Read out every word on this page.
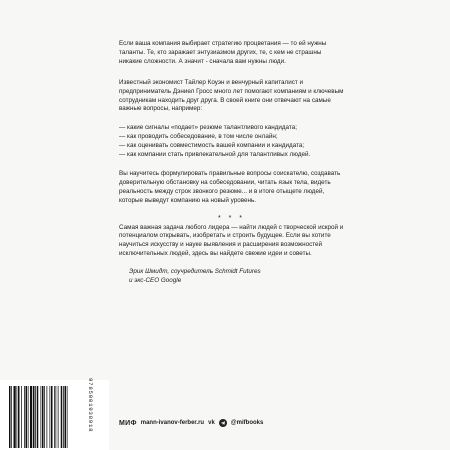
Если ваша компания выбирает стратегию процветания — то ей нужны таланты. Те, кто заражает энтузиазмом других, те, с кем не страшны никакие сложности. А значит - сначала вам нужны люди.

Известный экономист Тайлер Коуэн и венчурный капиталист и предприниматель Дэниел Гросс много лет помогают компаниям и ключевым сотрудникам находить друг друга. В своей книге они отвечают на самые важные вопросы, например:

— какие сигналы «подает» резюме талантливого кандидата;
— как проводить собеседование, в том числе онлайн;
— как оценивать совместимость вашей компании и кандидата;
— как компании стать привлекательной для талантливых людей.

Вы научитесь формулировать правильные вопросы соискателю, создавать доверительную обстановку на собеседовании, читать язык тела, видеть реальность между строк звонкого резюме... и в итоге отыщете людей, которые выведут компанию на новый уровень.

* * *

Самая важная задача любого лидера — найти людей с творческой искрой и потенциалом открывать, изобретать и строить будущее. Если вы хотите научиться искусству и науке выявления и расширения возможностей исключительных людей, здесь вы найдете свежие идеи и советы.

Эрик Шмидт, соучредитель Schmidt Futures
и экс-CEO Google
9785001938918	МИФ mann-ivanov-ferber.ru vk	@mifbooks
